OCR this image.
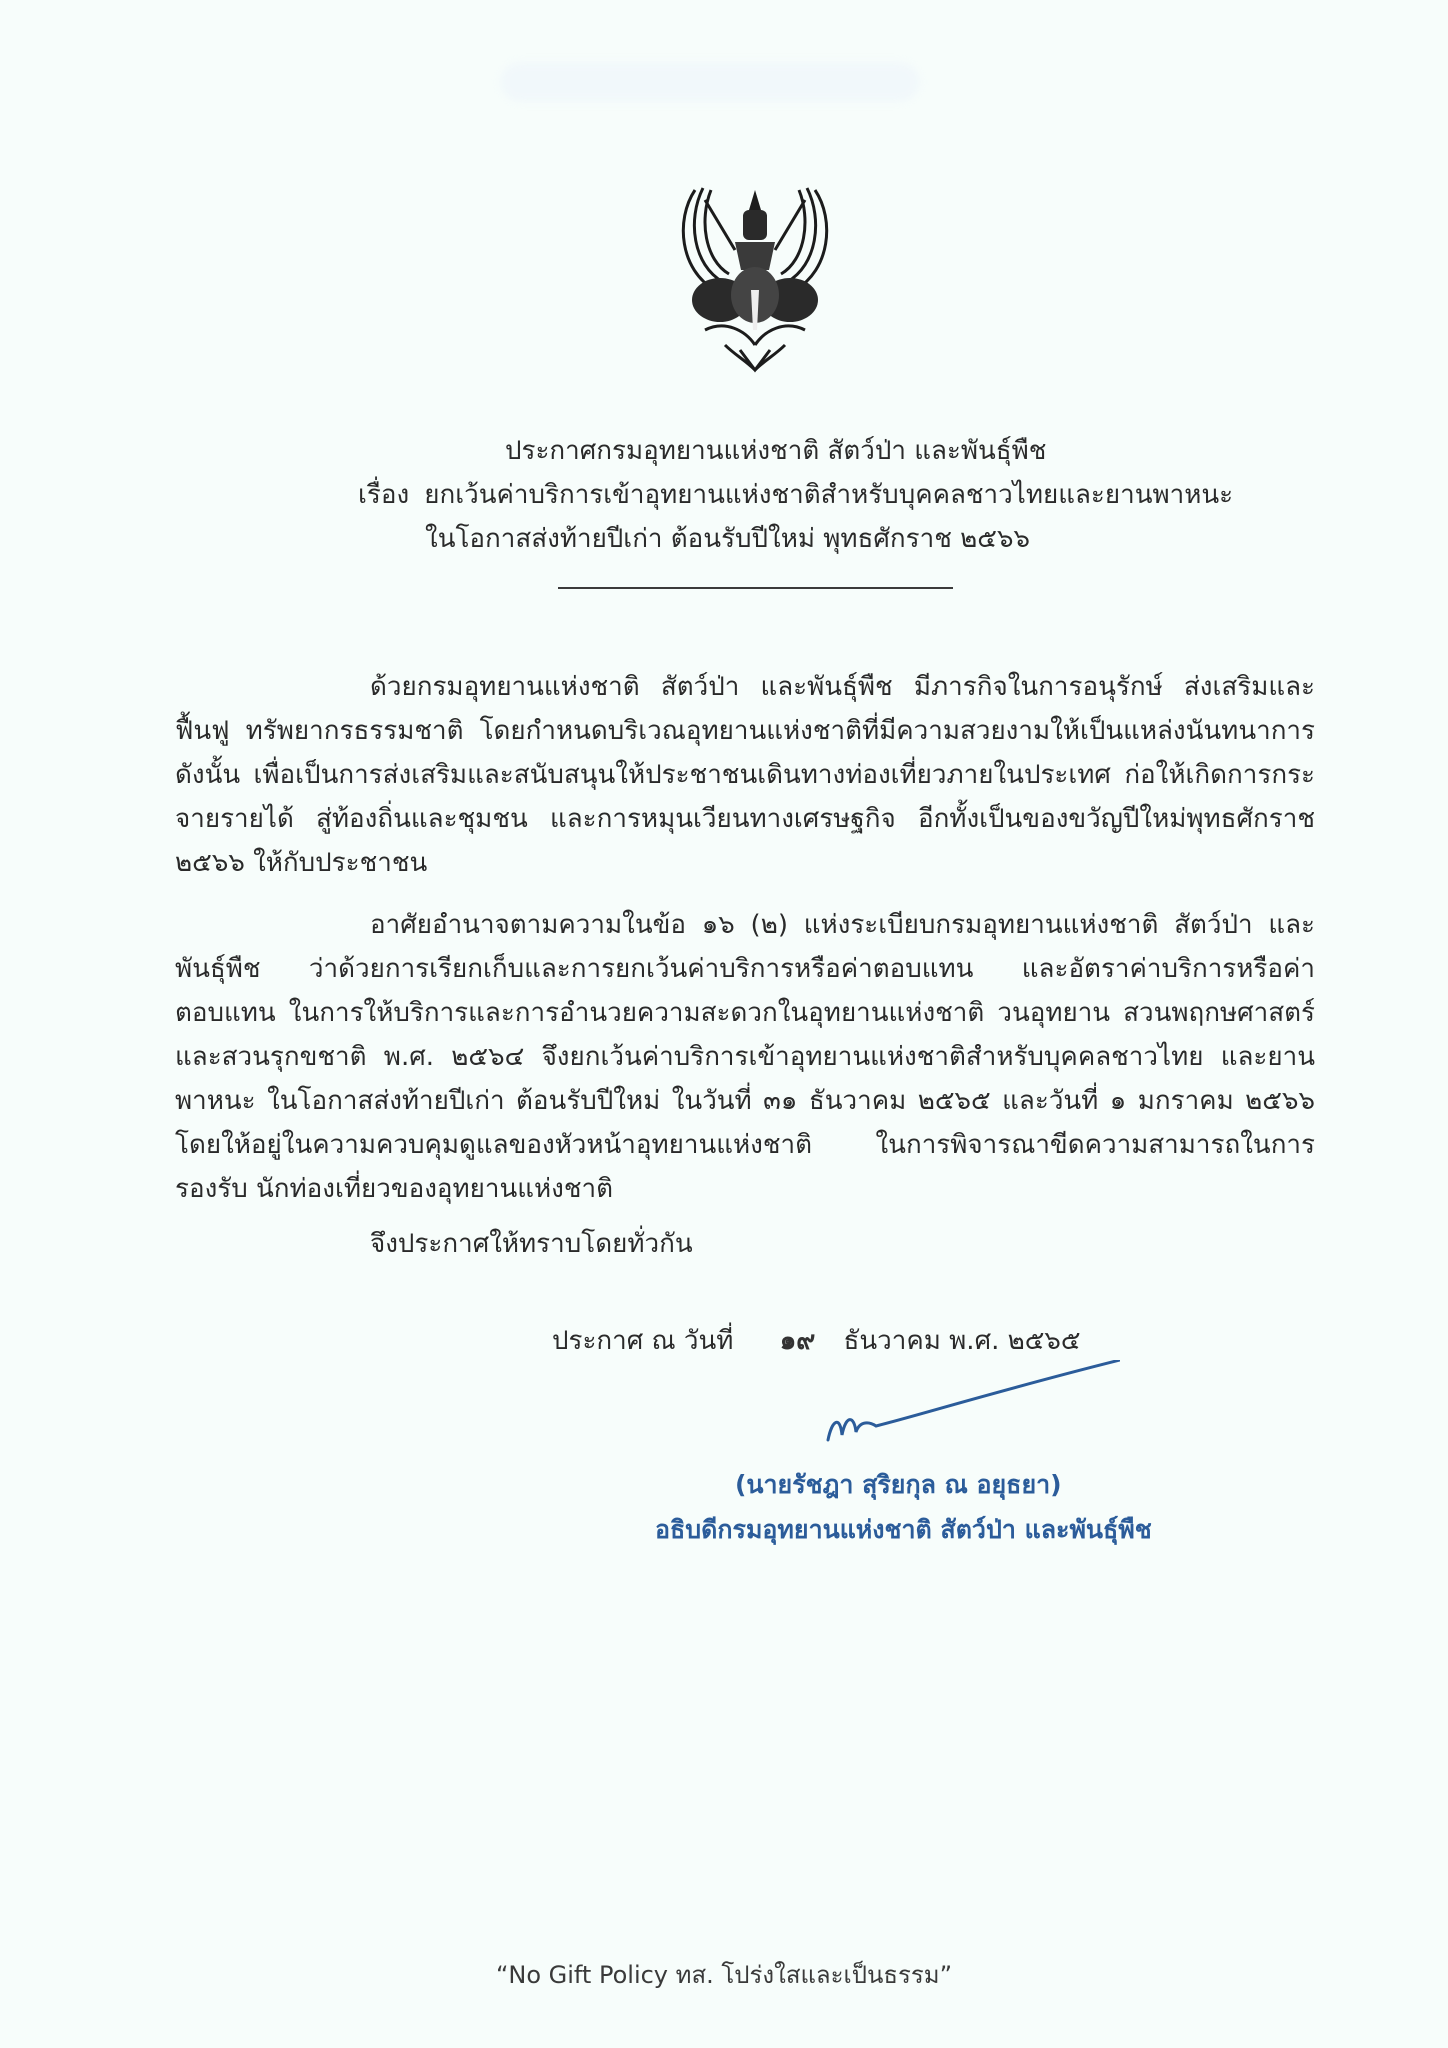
ประกาศกรมอุทยานแห่งชาติ สัตว์ป่า และพันธุ์พืช
เรื่อง ยกเว้นค่าบริการเข้าอุทยานแห่งชาติสำหรับบุคคลชาวไทยและยานพาหนะ
ในโอกาสส่งท้ายปีเก่า ต้อนรับปีใหม่ พุทธศักราช ๒๕๖๖

ด้วยกรมอุทยานแห่งชาติ สัตว์ป่า และพันธุ์พืช มีภารกิจในการอนุรักษ์ ส่งเสริมและฟื้นฟู ทรัพยากรธรรมชาติ โดยกำหนดบริเวณอุทยานแห่งชาติที่มีความสวยงามให้เป็นแหล่งนันทนาการ ดังนั้น เพื่อเป็นการส่งเสริมและสนับสนุนให้ประชาชนเดินทางท่องเที่ยวภายในประเทศ ก่อให้เกิดการกระจายรายได้ สู่ท้องถิ่นและชุมชน และการหมุนเวียนทางเศรษฐกิจ อีกทั้งเป็นของขวัญปีใหม่พุทธศักราช ๒๕๖๖ ให้กับประชาชน

อาศัยอำนาจตามความในข้อ ๑๖ (๒) แห่งระเบียบกรมอุทยานแห่งชาติ สัตว์ป่า และพันธุ์พืช ว่าด้วยการเรียกเก็บและการยกเว้นค่าบริการหรือค่าตอบแทน และอัตราค่าบริการหรือค่าตอบแทน ในการให้บริการและการอำนวยความสะดวกในอุทยานแห่งชาติ วนอุทยาน สวนพฤกษศาสตร์ และสวนรุกขชาติ พ.ศ. ๒๕๖๔ จึงยกเว้นค่าบริการเข้าอุทยานแห่งชาติสำหรับบุคคลชาวไทย และยานพาหนะ ในโอกาสส่งท้ายปีเก่า ต้อนรับปีใหม่ ในวันที่ ๓๑ ธันวาคม ๒๕๖๕ และวันที่ ๑ มกราคม ๒๕๖๖ โดยให้อยู่ในความควบคุมดูแลของหัวหน้าอุทยานแห่งชาติ ในการพิจารณาขีดความสามารถในการรองรับ นักท่องเที่ยวของอุทยานแห่งชาติ

จึงประกาศให้ทราบโดยทั่วกัน
ประกาศ ณ วันที่ ๑๙ ธันวาคม พ.ศ. ๒๕๖๕
(นายรัชฎา สุริยกุล ณ อยุธยา)
อธิบดีกรมอุทยานแห่งชาติ สัตว์ป่า และพันธุ์พืช
“No Gift Policy ทส. โปร่งใสและเป็นธรรม”
